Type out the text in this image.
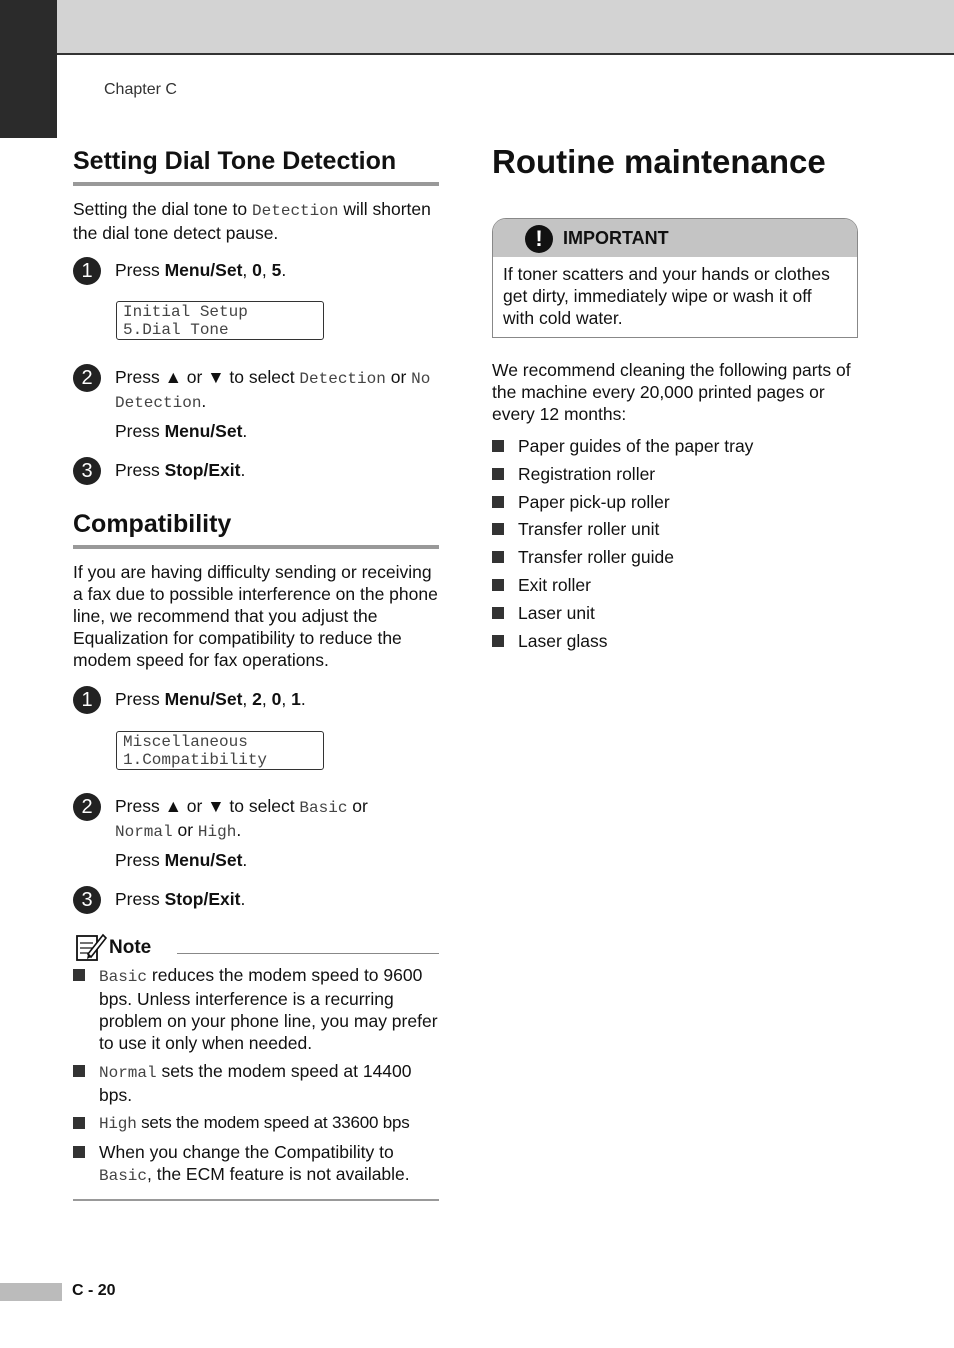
Chapter C
Setting Dial Tone Detection

Setting the dial tone to Detection will shorten the dial tone detect pause.

1	Press Menu/Set, 0, 5.
Initial Setup
5.Dial Tone
2	Press ▲ or ▼ to select Detection or No Detection.
Press Menu/Set.
3	Press Stop/Exit.
Compatibility

If you are having difficulty sending or receiving a fax due to possible interference on the phone line, we recommend that you adjust the Equalization for compatibility to reduce the modem speed for fax operations.

1	Press Menu/Set, 2, 0, 1.
Miscellaneous
1.Compatibility
2	Press ▲ or ▼ to select Basic or
Normal or High.
Press Menu/Set.
3	Press Stop/Exit.
Note
Basic reduces the modem speed to 9600 bps. Unless interference is a recurring problem on your phone line, you may prefer to use it only when needed.
Normal sets the modem speed at 14400 bps.
High sets the modem speed at 33600 bps
When you change the Compatibility to Basic, the ECM feature is not available.
Routine maintenance
!	IMPORTANT
If toner scatters and your hands or clothes get dirty, immediately wipe or wash it off with cold water.

We recommend cleaning the following parts of the machine every 20,000 printed pages or every 12 months:

Paper guides of the paper tray
Registration roller
Paper pick-up roller
Transfer roller unit
Transfer roller guide
Exit roller
Laser unit
Laser glass
C - 20
